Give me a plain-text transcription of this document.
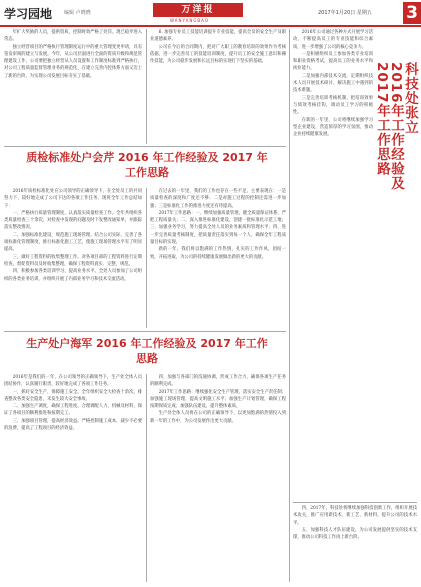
学习园地 编辑 卢晓晓	万洋报
WANYANGBAO
2017年1月20日 星期五 3

年扩大奖励的人员，提供资质，控制时效严格了处罚。现已稳步进入常态。

独立经营项目的严格执行管理制度运行中的重大管理变更申请，具有签发审阅的建立与发展。今年，从公司层面进行全面的资质升级和规范管理建设工作，公司要把独立经营从人员设置和工作制度标准到严格执行，对公司工程质量监督管理业务的规范化，在建立完善内控体系方面又迈上了新的台阶，为实现公司发展目标夯实了基础。

6. 加强专业员工技能培训提升专业技能，提高全员的安全生产及职业道德素养。

公司在今后的合同期内，把对广大职工的教育培训的效果作为考核依据，进一步完善员工的技能培训制度，提升员工的安全施工意识和操作技能，为公司稳步发展和长远目标的实现打下坚实的基础。

质检标准处户会芹 2016 年工作经验及 2017 年工作思路

2016年质检标准化处在公司领导的正确领导下，在全处员工的共同努力下，较好地完成了公司下达的各项工作任务，现将全年工作总结如下：

一、严格执行质量管理制度，认真落实质量检查工作。全年共组织各类质量检查三十余次，对检查中发现的问题及时下发整改通知单，并跟踪落实整改情况。

二、加强标准化建设，规范施工现场管理。结合公司实际，完善了各项标准化管理制度，推行标准化施工工艺，使施工现场管理水平有了明显提高。

三、做好工程资料的收集整理工作。对各项目部的工程资料进行定期检查，督促资料员及时收集整理，确保工程资料真实、完整、规范。

四、积极参加各类培训学习，提高业务水平。全处人员参加了公司组织的各类业务培训，并组织开展了内部业务学习和技术交流活动。

在过去的一年里，我们的工作也存在一些不足，主要表现在：一是质量检查的深度和广度还不够；二是对施工过程的控制还需进一步加强；三是标准化工作的推进力度还有待提高。

2017年工作思路：一、继续加强质量管理，健全质量保证体系，严把工程质量关；二、深入推进标准化建设，创建一批标准化示范工地；三、加强业务学习，努力提高全处人员的业务素质和管理水平；四、进一步完善质量考核制度，把质量责任落实到每一个人，确保全年工程质量目标的实现。

新的一年，我们将以饱满的工作热情，扎实的工作作风，团结一致，开拓进取，为公司的持续健康发展做出新的更大的贡献。

生产处户海军 2016 年工作经验及 2017 年工作思路

2016年是我们的一年，在公司领导的正确领导下，生产处全体人员团结协作，认真履行职责，较好地完成了各项工作任务。

一、抓好安全生产，保障施工安全。全年组织安全大检查十余次，排查整改各类安全隐患，未发生较大安全事故。

二、加强生产调度，确保工程进度。合理调配人力、机械及材料，保证了各项目的顺利推进和按期完工。

三、加强项目管理，提高经济效益。严格控制施工成本，减少不必要的浪费，提高了工程项目的经济效益。

四、加强与各部门的沟通协调，形成工作合力，确保各项生产任务的顺利完成。

2017年工作思路：继续强化安全生产管理，落实安全生产责任制；加强施工现场管理，提高文明施工水平；加强生产计划管理，确保工程按期保质完成；加强队伍建设，提升整体素质。

生产处全体人员将在公司的正确领导下，以更加饱满的热情投入到新一年的工作中，为公司发展作出更大贡献。

2016年公司通过各种方式开展学习活动，不断提高员工的专业技能和综合素质，进一步增强了公司的核心竞争力。

一是积极组织员工参加各类专业培训和职业资格考试，提高员工的业务水平和执业能力。

二是加强内部技术交流，定期组织技术人员开展技术研讨，解决施工中遇到的技术难题。

三是完善培训考核机制，把培训效果与绩效考核挂钩，调动员工学习的积极性。

在新的一年里，公司将继续加强学习型企业建设，营造浓厚的学习氛围，推动企业持续健康发展。

科技处张立
2016年工作经验及
2017年工作思路

四、2017年，科技处将继续加强科技创新工作，组织开展技术攻关，推广应用新技术、新工艺、新材料，提升公司的技术水平。

五、加强科技人才队伍建设，为公司发展提供坚实的技术支撑，推动公司科技工作再上新台阶。
